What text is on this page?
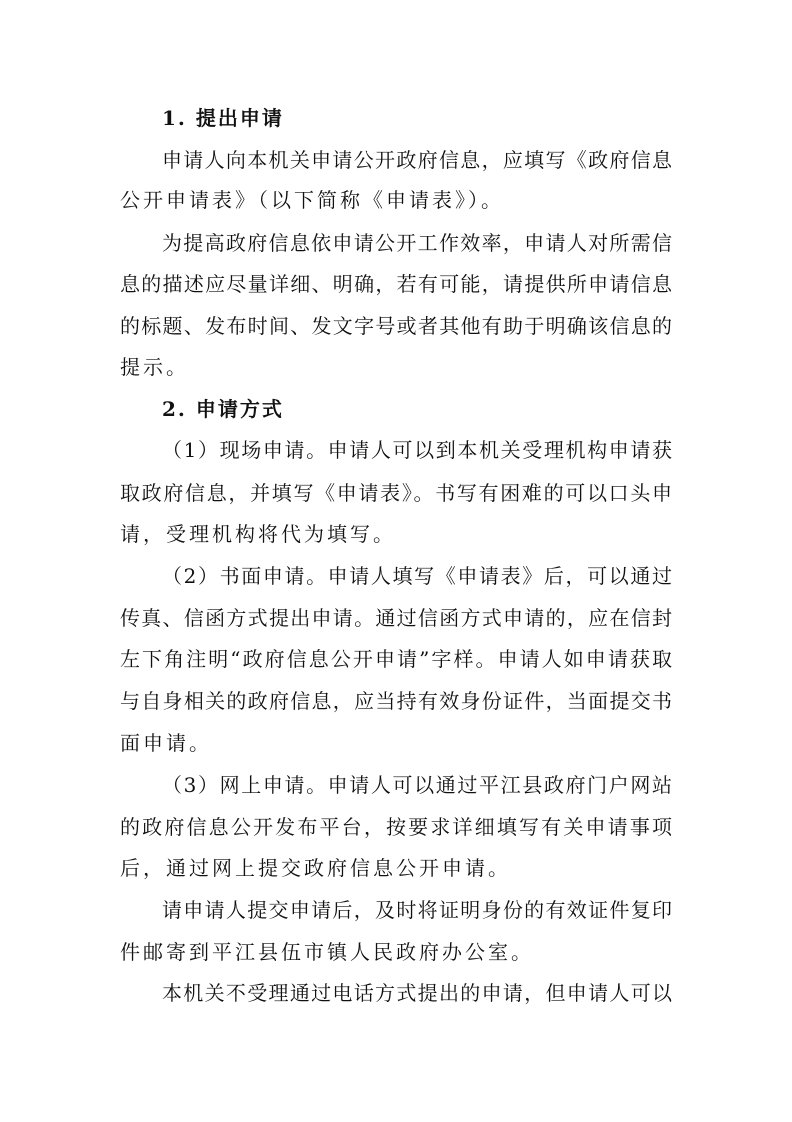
1. 提出申请
申请人向本机关申请公开政府信息，应填写《政府信息
公开申请表》（以下简称《申请表》）。
为提高政府信息依申请公开工作效率，申请人对所需信
息的描述应尽量详细、明确，若有可能，请提供所申请信息
的标题、发布时间、发文字号或者其他有助于明确该信息的
提示。
2. 申请方式
（1）现场申请。申请人可以到本机关受理机构申请获
取政府信息，并填写《申请表》。书写有困难的可以口头申
请，受理机构将代为填写。
（2）书面申请。申请人填写《申请表》后，可以通过
传真、信函方式提出申请。通过信函方式申请的，应在信封
左下角注明“政府信息公开申请”字样。申请人如申请获取
与自身相关的政府信息，应当持有效身份证件，当面提交书
面申请。
（3）网上申请。申请人可以通过平江县政府门户网站
的政府信息公开发布平台，按要求详细填写有关申请事项
后，通过网上提交政府信息公开申请。
请申请人提交申请后，及时将证明身份的有效证件复印
件邮寄到平江县伍市镇人民政府办公室。
本机关不受理通过电话方式提出的申请，但申请人可以
